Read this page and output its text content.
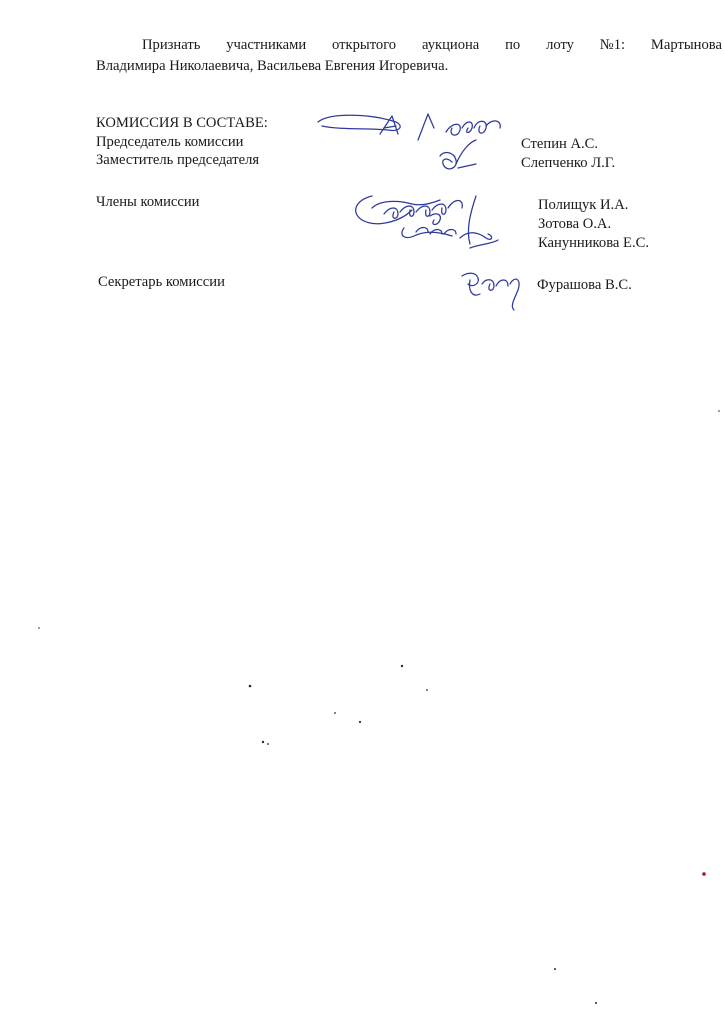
Признать участниками открытого аукциона по лоту №1: Мартынова
Владимира Николаевича, Васильева Евгения Игоревича.
КОМИССИЯ В СОСТАВЕ:
Председатель комиссии	Степин А.С.
Заместитель председателя	Слепченко Л.Г.
Члены комиссии	Полищук И.А.
Зотова О.А.
Канунникова Е.С.
Секретарь комиссии	Фурашова В.С.
